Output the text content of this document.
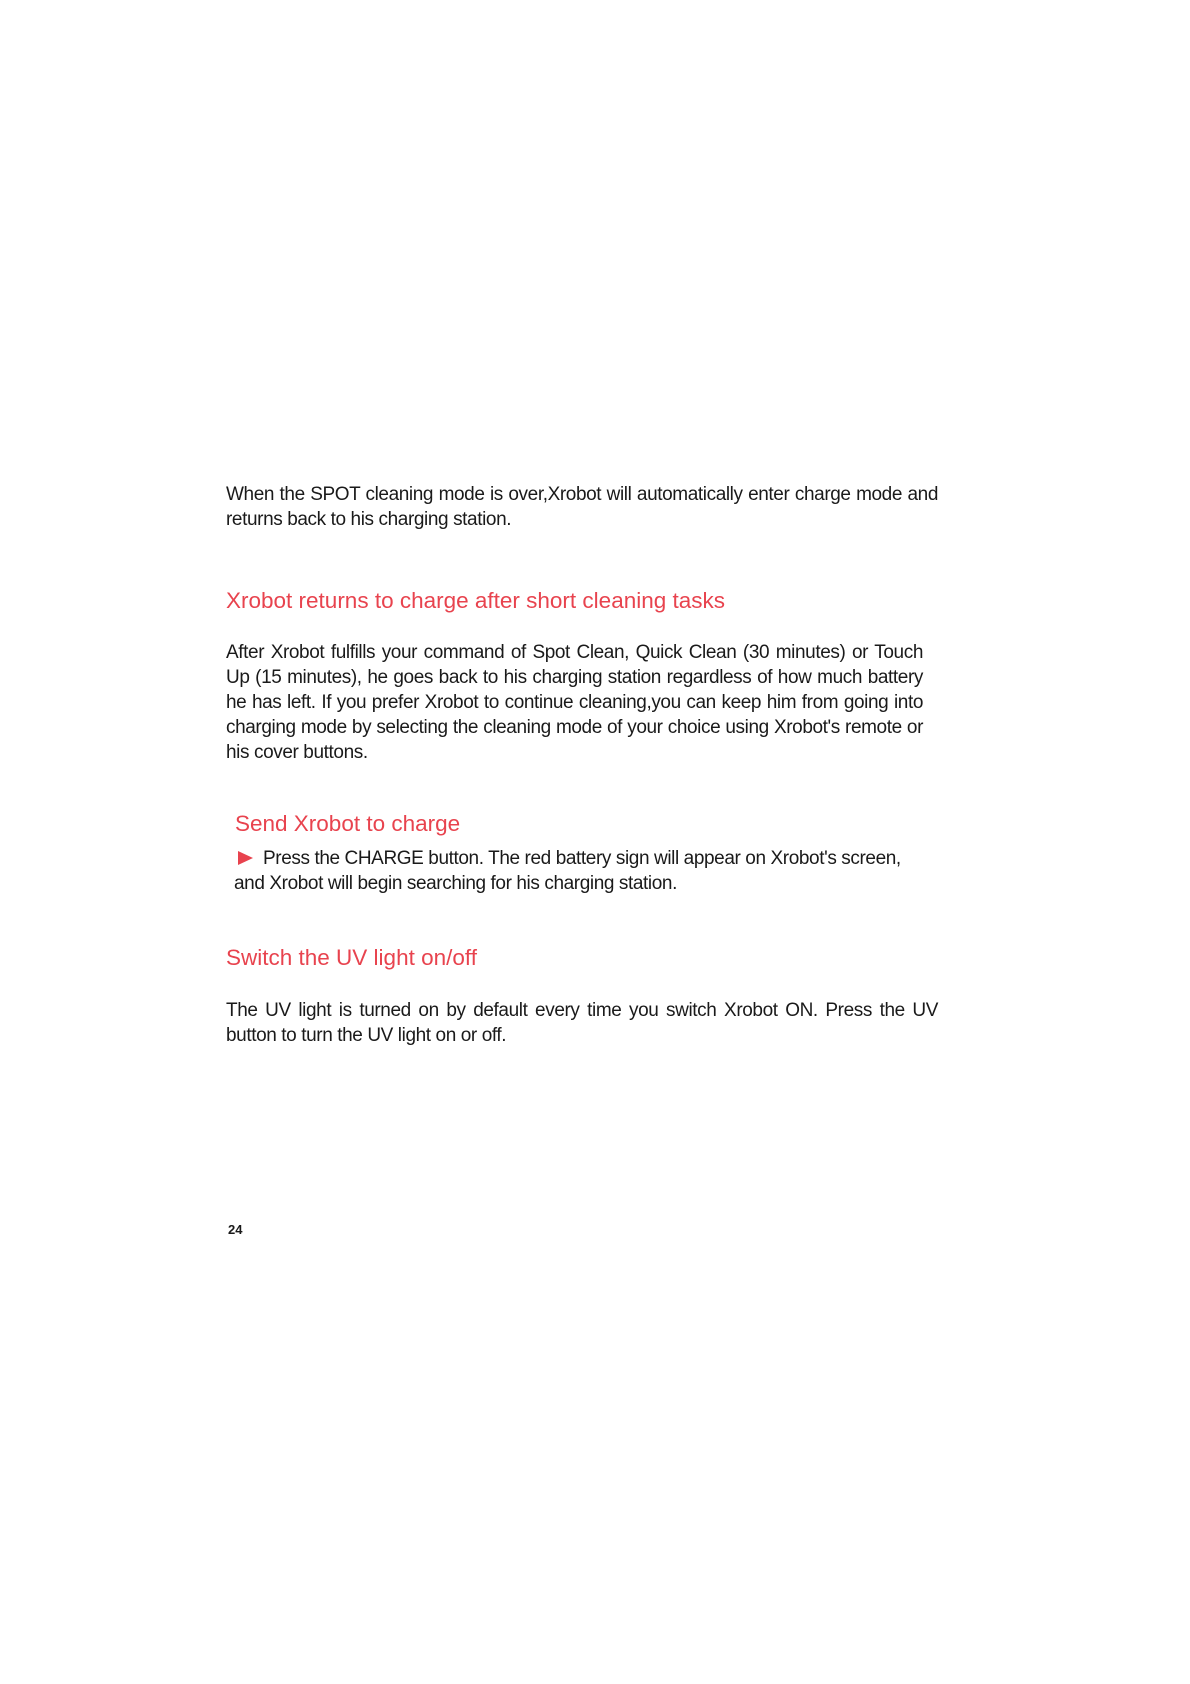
When the SPOT cleaning mode is over,Xrobot will automatically enter charge mode and returns back to his charging station.

Xrobot returns to charge after short cleaning tasks

After Xrobot fulfills your command of Spot Clean, Quick Clean (30 minutes) or Touch Up (15 minutes), he goes back to his charging station regardless of how much battery he has left. If you prefer Xrobot to continue cleaning,you can keep him from going into charging mode by selecting the cleaning mode of your choice using Xrobot's remote or his cover buttons.

Send Xrobot to charge

Press the CHARGE button. The red battery sign will appear on Xrobot's screen, and Xrobot will begin searching for his charging station.

Switch the UV light on/off

The UV light is turned on by default every time you switch Xrobot ON. Press the UV button to turn the UV light on or off.

24
